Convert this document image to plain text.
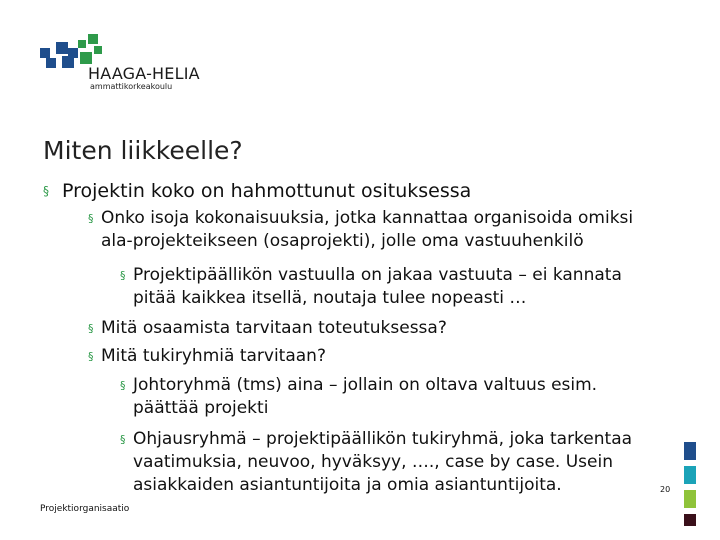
HAAGA-HELIA
ammattikorkeakoulu
Miten liikkeelle?
§ Projektin koko on hahmottunut osituksessa
§ Onko isoja kokonaisuuksia, jotka kannattaa organisoida omiksi
ala-projekteikseen (osaprojekti), jolle oma vastuuhenkilö
§ Projektipäällikön vastuulla on jakaa vastuuta – ei kannata
pitää kaikkea itsellä, noutaja tulee nopeasti …
§ Mitä osaamista tarvitaan toteutuksessa?
§ Mitä tukiryhmiä tarvitaan?
§ Johtoryhmä (tms) aina – jollain on oltava valtuus esim.
päättää projekti
§ Ohjausryhmä – projektipäällikön tukiryhmä, joka tarkentaa
vaatimuksia, neuvoo, hyväksyy, …., case by case. Usein
asiakkaiden asiantuntijoita ja omia asiantuntijoita.	20
Projektiorganisaatio
